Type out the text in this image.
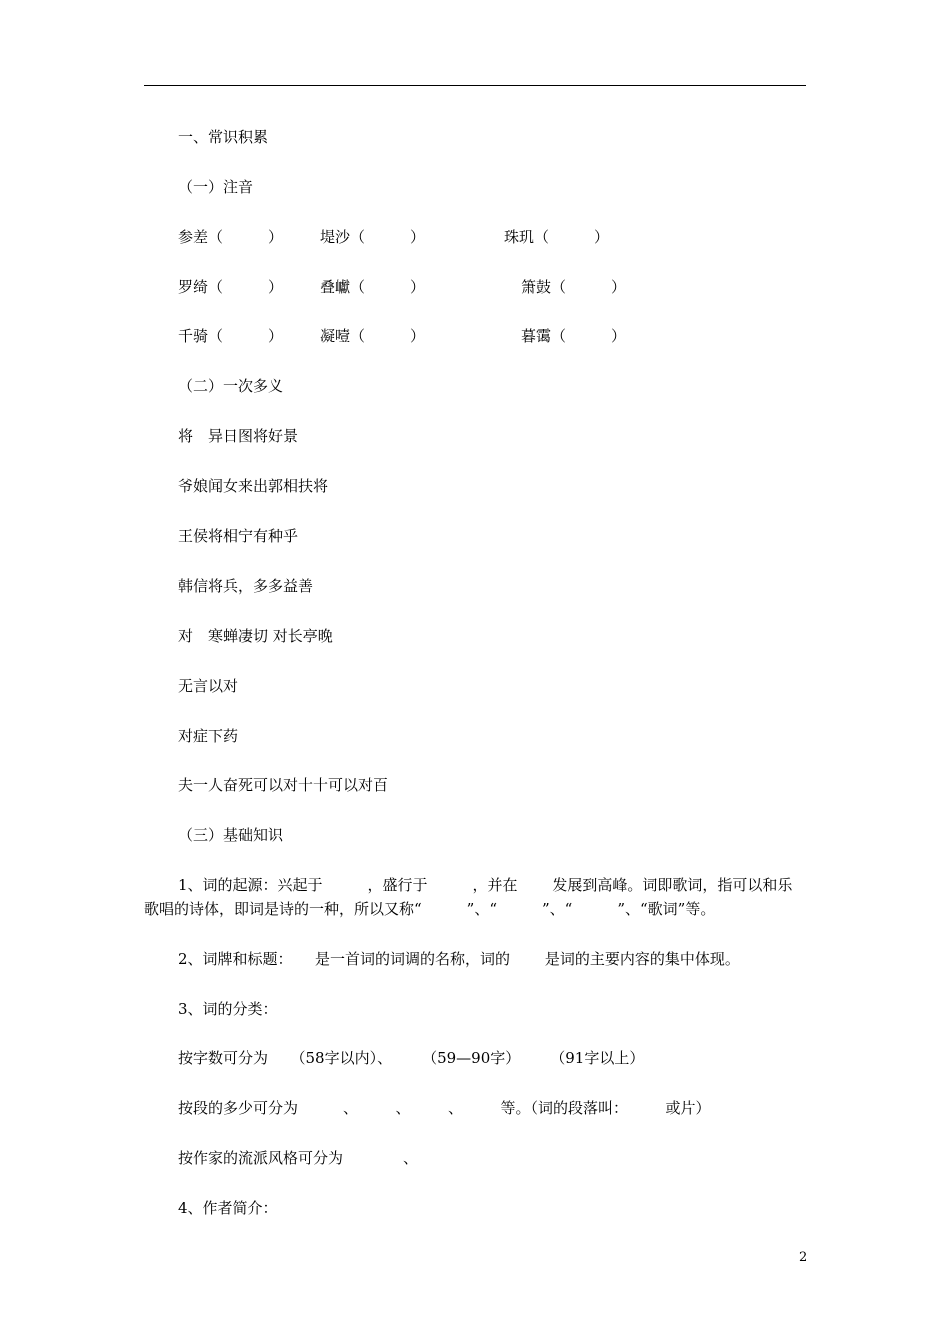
一、常识积累
（一）注音
参差（　　　） 堤沙（　　　）	珠玑（　　　）
罗绮（　　　） 叠巘（　　　）	箫鼓（　　　）
千骑（　　　） 凝噎（　　　）	暮霭（　　　）
（二）一次多义
将　异日图将好景
爷娘闻女来出郭相扶将
王侯将相宁有种乎
韩信将兵，多多益善
对　寒蝉凄切 对长亭晚
无言以对
对症下药
夫一人奋死可以对十十可以对百
（三）基础知识
1、词的起源：兴起于　　　，盛行于　　　，并在　　 发展到高峰。词即歌词，指可以和乐
歌唱的诗体，即词是诗的一种，所以又称“　　　”、“　　　”、“　　　”、“歌词”等。
2、词牌和标题：　　是一首词的词调的名称，词的　　 是词的主要内容的集中体现。
3、词的分类：
按字数可分为　　（58字以内）、　　　（59—90字）　　　（91字以上）
按段的多少可分为　　　、　　　、　　　、　　　等。（词的段落叫：　　　或片）
按作家的流派风格可分为　　　　、
4、作者简介：
2
